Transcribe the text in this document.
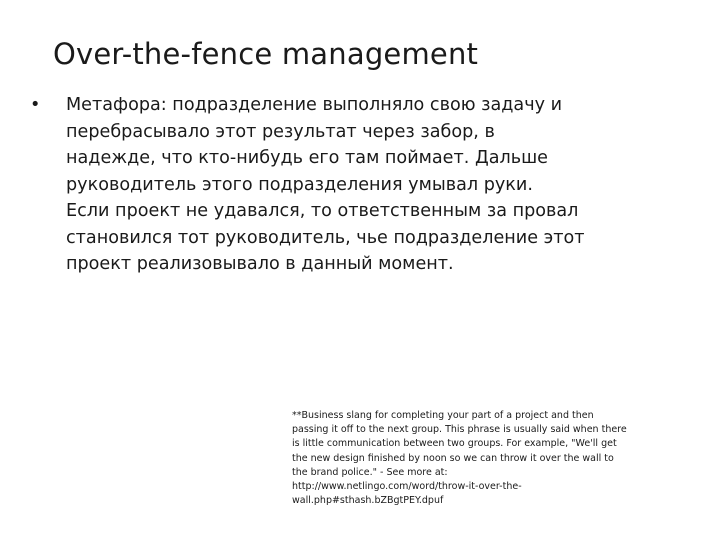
Over-the-fence management
• Метафора: подразделение выполняло свою задачу и
перебрасывало этот результат через забор, в
надежде, что кто-нибудь его там поймает. Дальше
руководитель этого подразделения умывал руки.
Если проект не удавался, то ответственным за провал
становился тот руководитель, чье подразделение этот
проект реализовывало в данный момент.
**Business slang for completing your part of a project and then
passing it off to the next group. This phrase is usually said when there
is little communication between two groups. For example, "We'll get
the new design finished by noon so we can throw it over the wall to
the brand police." - See more at:
http://www.netlingo.com/word/throw-it-over-the-
wall.php#sthash.bZBgtPEY.dpuf
